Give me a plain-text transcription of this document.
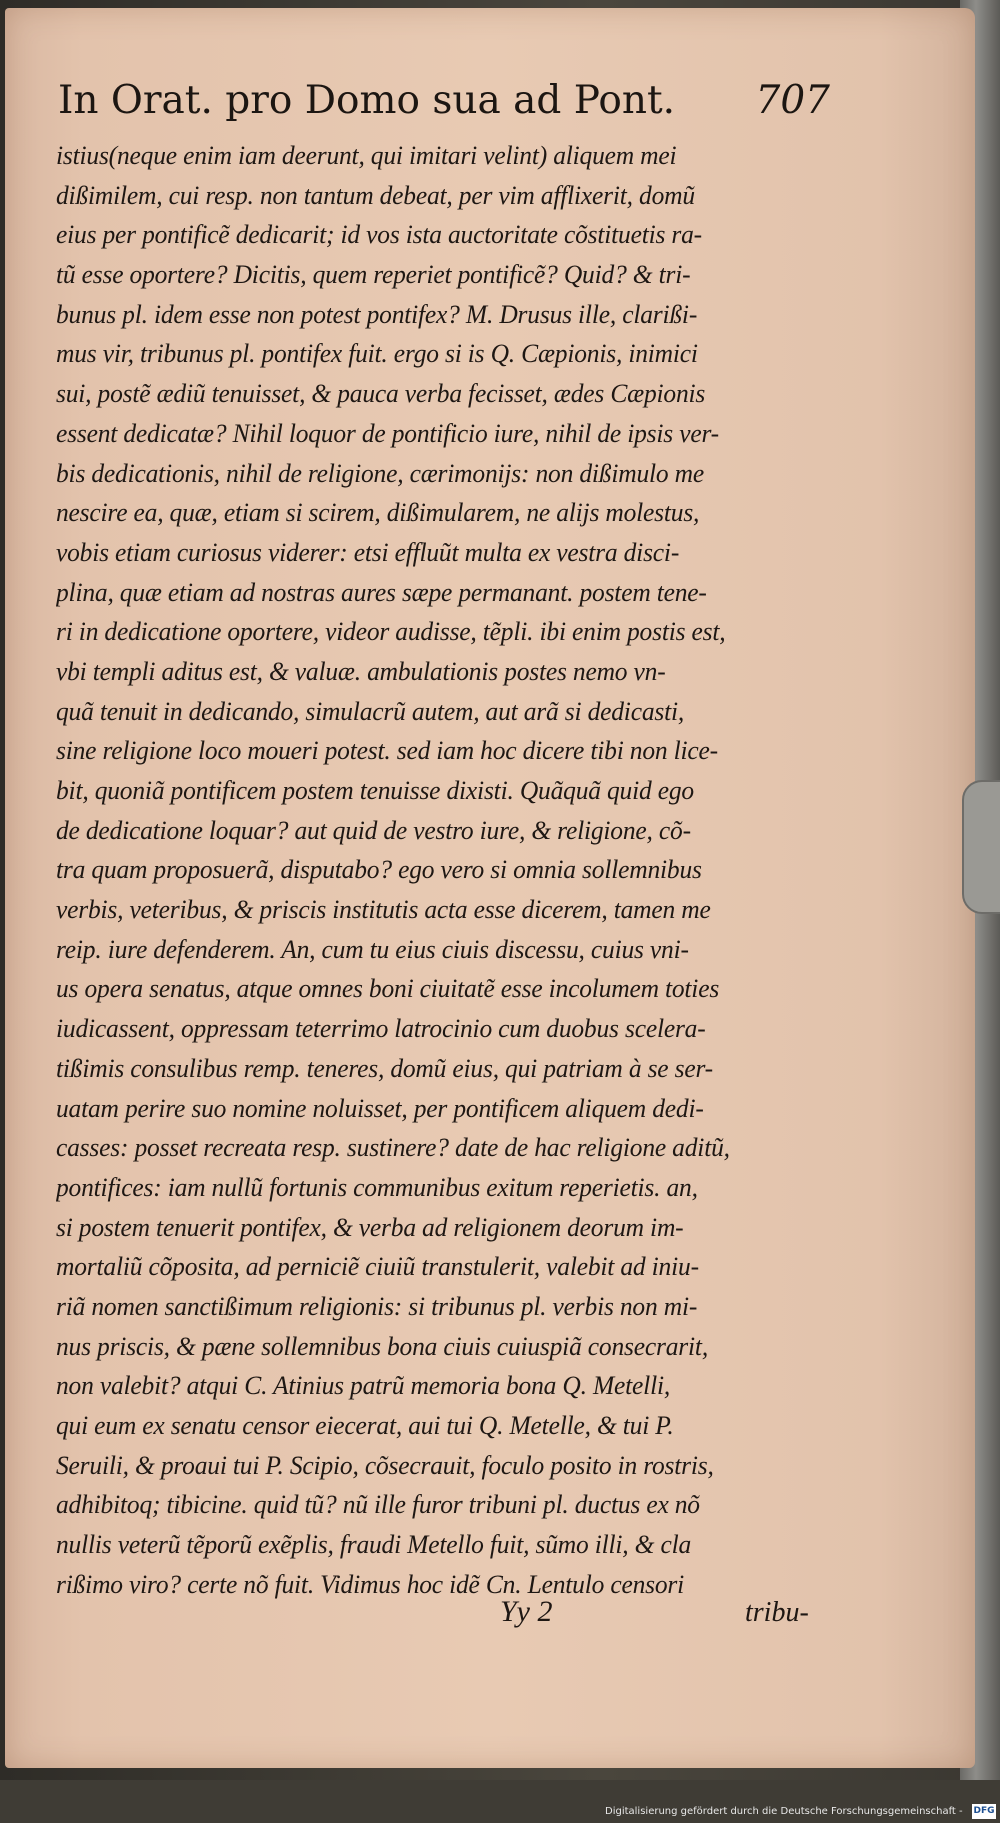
In Orat. pro Domo sua ad Pont.	707
istius(neque enim iam deerunt, qui imitari velint) aliquem mei
dißimilem, cui resp. non tantum debeat, per vim afflixerit, domũ
eius per pontificẽ dedicarit; id vos ista auctoritate cõstituetis ra-
tũ esse oportere? Dicitis, quem reperiet pontificẽ? Quid? & tri-
bunus pl. idem esse non potest pontifex? M. Drusus ille, clarißi-
mus vir, tribunus pl. pontifex fuit. ergo si is Q. Cæpionis, inimici
sui, postẽ ædiũ tenuisset, & pauca verba fecisset, ædes Cæpionis
essent dedicatæ? Nihil loquor de pontificio iure, nihil de ipsis ver-
bis dedicationis, nihil de religione, cærimonijs: non dißimulo me
nescire ea, quæ, etiam si scirem, dißimularem, ne alijs molestus,
vobis etiam curiosus viderer: etsi effluũt multa ex vestra disci-
plina, quæ etiam ad nostras aures sæpe permanant. postem tene-
ri in dedicatione oportere, videor audisse, tẽpli. ibi enim postis est,
vbi templi aditus est, & valuæ. ambulationis postes nemo vn-
quã tenuit in dedicando, simulacrũ autem, aut arã si dedicasti,
sine religione loco moueri potest. sed iam hoc dicere tibi non lice-
bit, quoniã pontificem postem tenuisse dixisti. Quãquã quid ego
de dedicatione loquar? aut quid de vestro iure, & religione, cõ-
tra quam proposuerã, disputabo? ego vero si omnia sollemnibus
verbis, veteribus, & priscis institutis acta esse dicerem, tamen me
reip. iure defenderem. An, cum tu eius ciuis discessu, cuius vni-
us opera senatus, atque omnes boni ciuitatẽ esse incolumem toties
iudicassent, oppressam teterrimo latrocinio cum duobus scelera-
tißimis consulibus remp. teneres, domũ eius, qui patriam à se ser-
uatam perire suo nomine noluisset, per pontificem aliquem dedi-
casses: posset recreata resp. sustinere? date de hac religione aditũ,
pontifices: iam nullũ fortunis communibus exitum reperietis. an,
si postem tenuerit pontifex, & verba ad religionem deorum im-
mortaliũ cõposita, ad perniciẽ ciuiũ transtulerit, valebit ad iniu-
riã nomen sanctißimum religionis: si tribunus pl. verbis non mi-
nus priscis, & pæne sollemnibus bona ciuis cuiuspiã consecrarit,
non valebit? atqui C. Atinius patrũ memoria bona Q. Metelli,
qui eum ex senatu censor eiecerat, aui tui Q. Metelle, & tui P.
Seruili, & proaui tui P. Scipio, cõsecrauit, foculo posito in rostris,
adhibitoq; tibicine. quid tũ? nũ ille furor tribuni pl. ductus ex nõ
nullis veterũ tẽporũ exẽplis, fraudi Metello fuit, sũmo illi, & cla
rißimo viro? certe nõ fuit. Vidimus hoc idẽ Cn. Lentulo censori
Yy 2	tribu-
Digitalisierung gefördert durch die Deutsche Forschungsgemeinschaft - DFG
